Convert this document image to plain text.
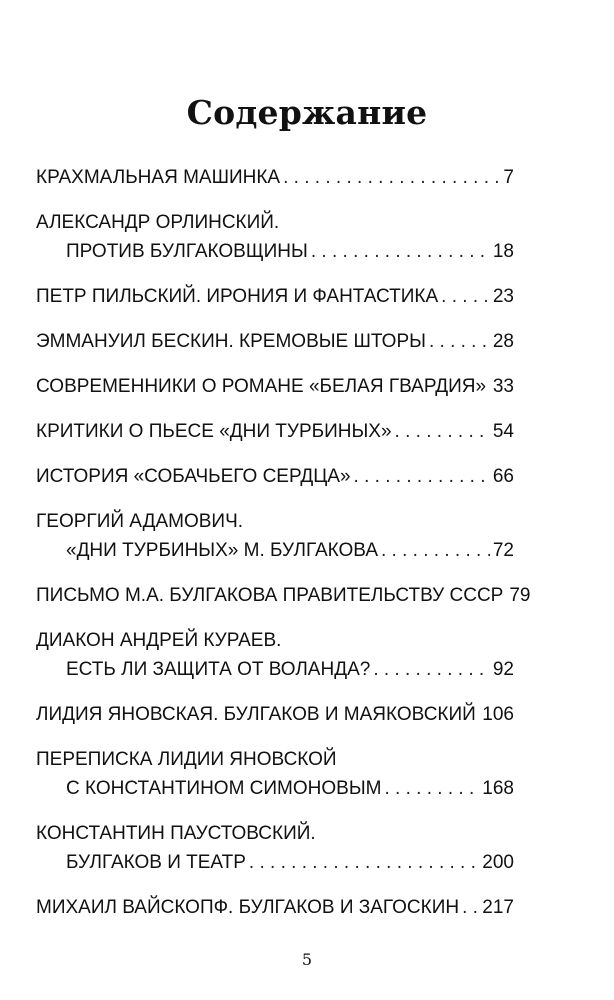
Содержание
КРАХМАЛЬНАЯ МАШИНКА . . .	7
АЛЕКСАНДР ОРЛИНСКИЙ.
ПРОТИВ БУЛГАКОВЩИНЫ . . .	18
ПЕТР ПИЛЬСКИЙ. ИРОНИЯ И ФАНТАСТИКА . . .	23
ЭММАНУИЛ БЕСКИН. КРЕМОВЫЕ ШТОРЫ . . .	28
СОВРЕМЕННИКИ О РОМАНЕ «БЕЛАЯ ГВАРДИЯ» . . . 33
КРИТИКИ О ПЬЕСЕ «ДНИ ТУРБИНЫХ» . . .	54
ИСТОРИЯ «СОБАЧЬЕГО СЕРДЦА» . . .	66
ГЕОРГИЙ АДАМОВИЧ.
«ДНИ ТУРБИНЫХ» М. БУЛГАКОВА . . .	72
ПИСЬМО М.А. БУЛГАКОВА ПРАВИТЕЛЬСТВУ СССР 79
ДИАКОН АНДРЕЙ КУРАЕВ.
ЕСТЬ ЛИ ЗАЩИТА ОТ ВОЛАНДА? . . .	92
ЛИДИЯ ЯНОВСКАЯ. БУЛГАКОВ И МАЯКОВСКИЙ . . . 106
ПЕРЕПИСКА ЛИДИИ ЯНОВСКОЙ
С КОНСТАНТИНОМ СИМОНОВЫМ . . .	168
КОНСТАНТИН ПАУСТОВСКИЙ.
БУЛГАКОВ И ТЕАТР . . .	200
МИХАИЛ ВАЙСКОПФ. БУЛГАКОВ И ЗАГОСКИН . . . 217
5
